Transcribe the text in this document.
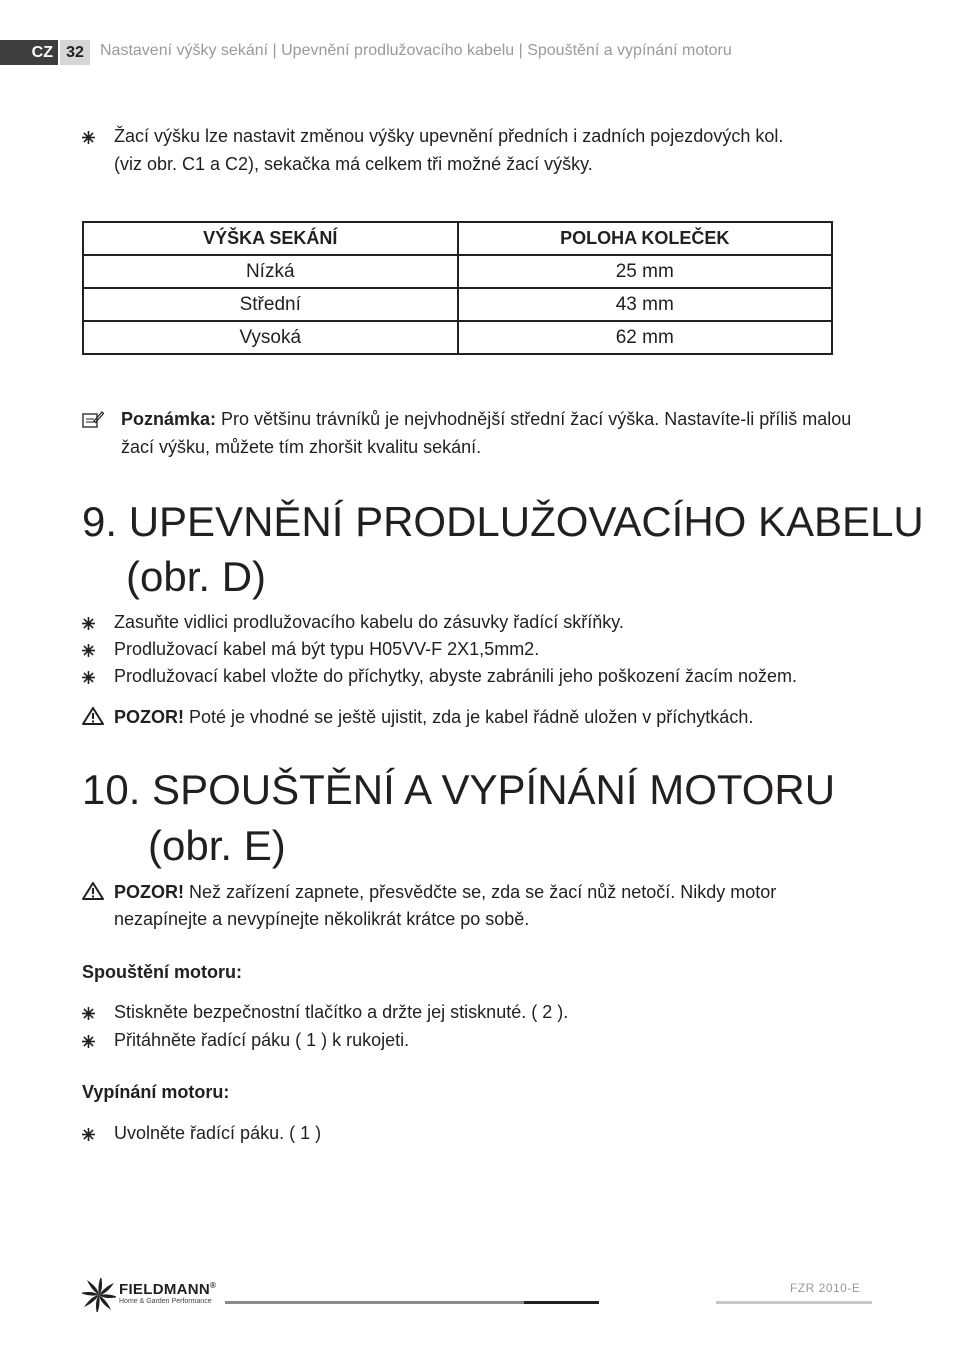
CZ 32	Nastavení výšky sekání | Upevnění prodlužovacího kabelu | Spouštění a vypínání motoru
Žací výšku lze nastavit změnou výšky upevnění předních i zadních pojezdových kol.
(viz obr. C1 a C2), sekačka má celkem tři možné žací výšky.
VÝŠKA SEKÁNÍ	POLOHA KOLEČEK
Nízká	25 mm
Střední	43 mm
Vysoká	62 mm
Poznámka: Pro většinu trávníků je nejvhodnější střední žací výška. Nastavíte-li příliš malou
žací výšku, můžete tím zhoršit kvalitu sekání.
9. UPEVNĚNÍ PRODLUŽOVACÍHO KABELU
(obr. D)
Zasuňte vidlici prodlužovacího kabelu do zásuvky řadící skříňky.
Prodlužovací kabel má být typu H05VV-F 2X1,5mm2.
Prodlužovací kabel vložte do příchytky, abyste zabránili jeho poškození žacím nožem.
POZOR! Poté je vhodné se ještě ujistit, zda je kabel řádně uložen v příchytkách.
10. SPOUŠTĚNÍ A VYPÍNÁNÍ MOTORU
(obr. E)
POZOR! Než zařízení zapnete, přesvědčte se, zda se žací nůž netočí. Nikdy motor
nezapínejte a nevypínejte několikrát krátce po sobě.
Spouštění motoru:
Stiskněte bezpečnostní tlačítko a držte jej stisknuté. ( 2 ).
Přitáhněte řadící páku ( 1 ) k rukojeti.
Vypínání motoru:
Uvolněte řadící páku. ( 1 )
FIELDMANN®
Home & Garden Performance
FZR 2010-E
